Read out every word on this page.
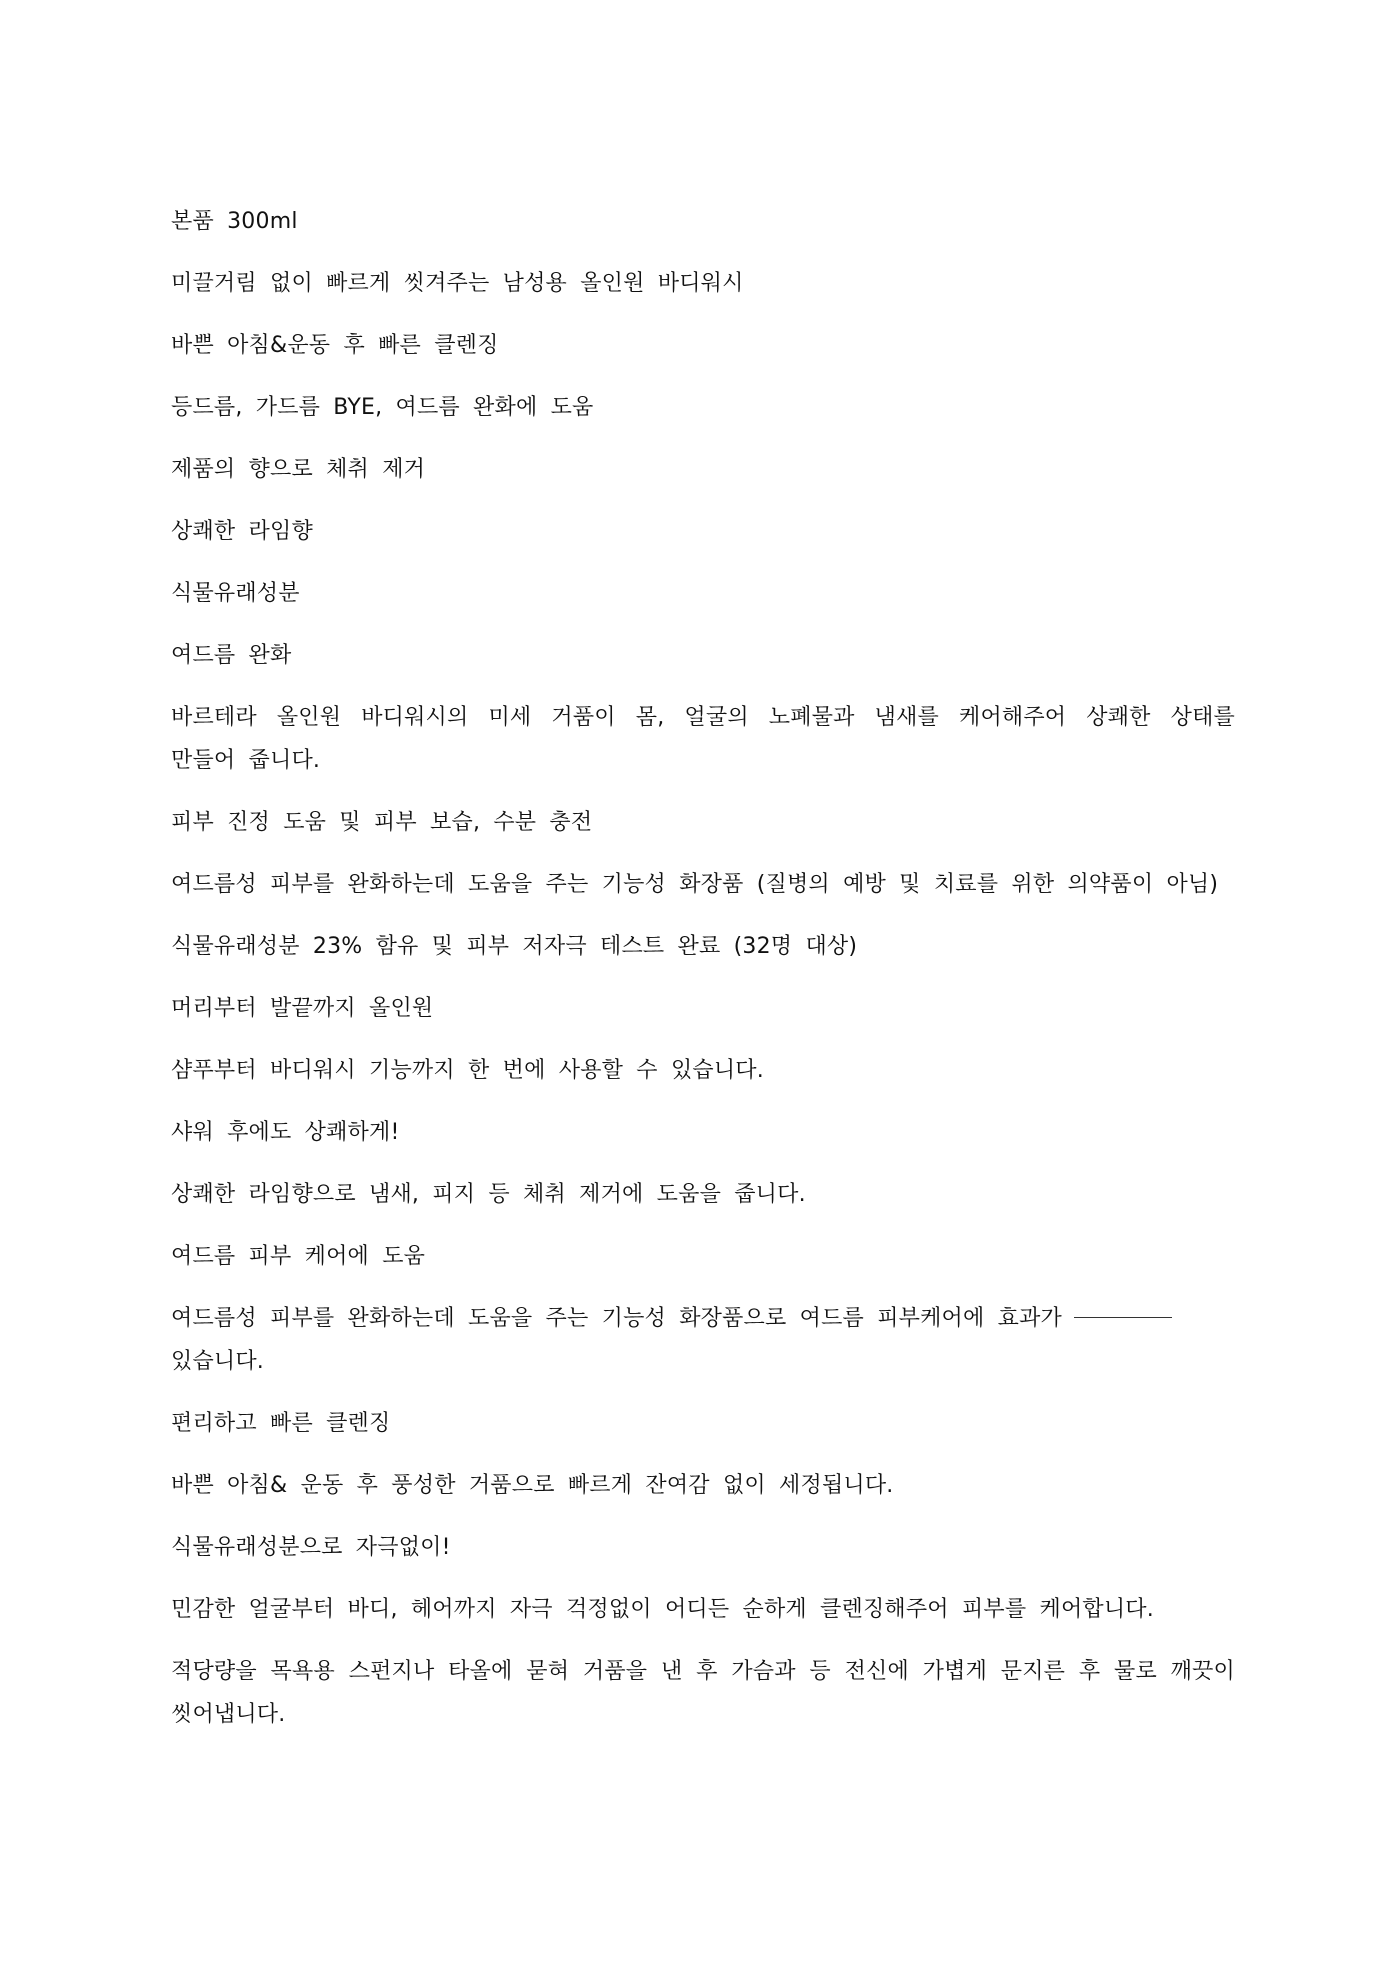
본품 300ml

미끌거림 없이 빠르게 씻겨주는 남성용 올인원 바디워시

바쁜 아침&운동 후 빠른 클렌징

등드름, 가드름 BYE, 여드름 완화에 도움

제품의 향으로 체취 제거

상쾌한 라임향

식물유래성분

여드름 완화

바르테라 올인원 바디워시의 미세 거품이 몸, 얼굴의 노폐물과 냄새를 케어해주어 상쾌한 상태를 만들어 줍니다.

피부 진정 도움 및 피부 보습, 수분 충전

여드름성 피부를 완화하는데 도움을 주는 기능성 화장품 (질병의 예방 및 치료를 위한 의약품이 아님)

식물유래성분 23% 함유 및 피부 저자극 테스트 완료 (32명 대상)

머리부터 발끝까지 올인원

샴푸부터 바디워시 기능까지 한 번에 사용할 수 있습니다.

샤워 후에도 상쾌하게!

상쾌한 라임향으로 냄새, 피지 등 체취 제거에 도움을 줍니다.

여드름 피부 케어에 도움

여드름성 피부를 완화하는데 도움을 주는 기능성 화장품으로 여드름 피부케어에 효과가

있습니다.

편리하고 빠른 클렌징

바쁜 아침& 운동 후 풍성한 거품으로 빠르게 잔여감 없이 세정됩니다.

식물유래성분으로 자극없이!

민감한 얼굴부터 바디, 헤어까지 자극 걱정없이 어디든 순하게 클렌징해주어 피부를 케어합니다.

적당량을 목욕용 스펀지나 타올에 묻혀 거품을 낸 후 가슴과 등 전신에 가볍게 문지른 후 물로 깨끗이 씻어냅니다.
